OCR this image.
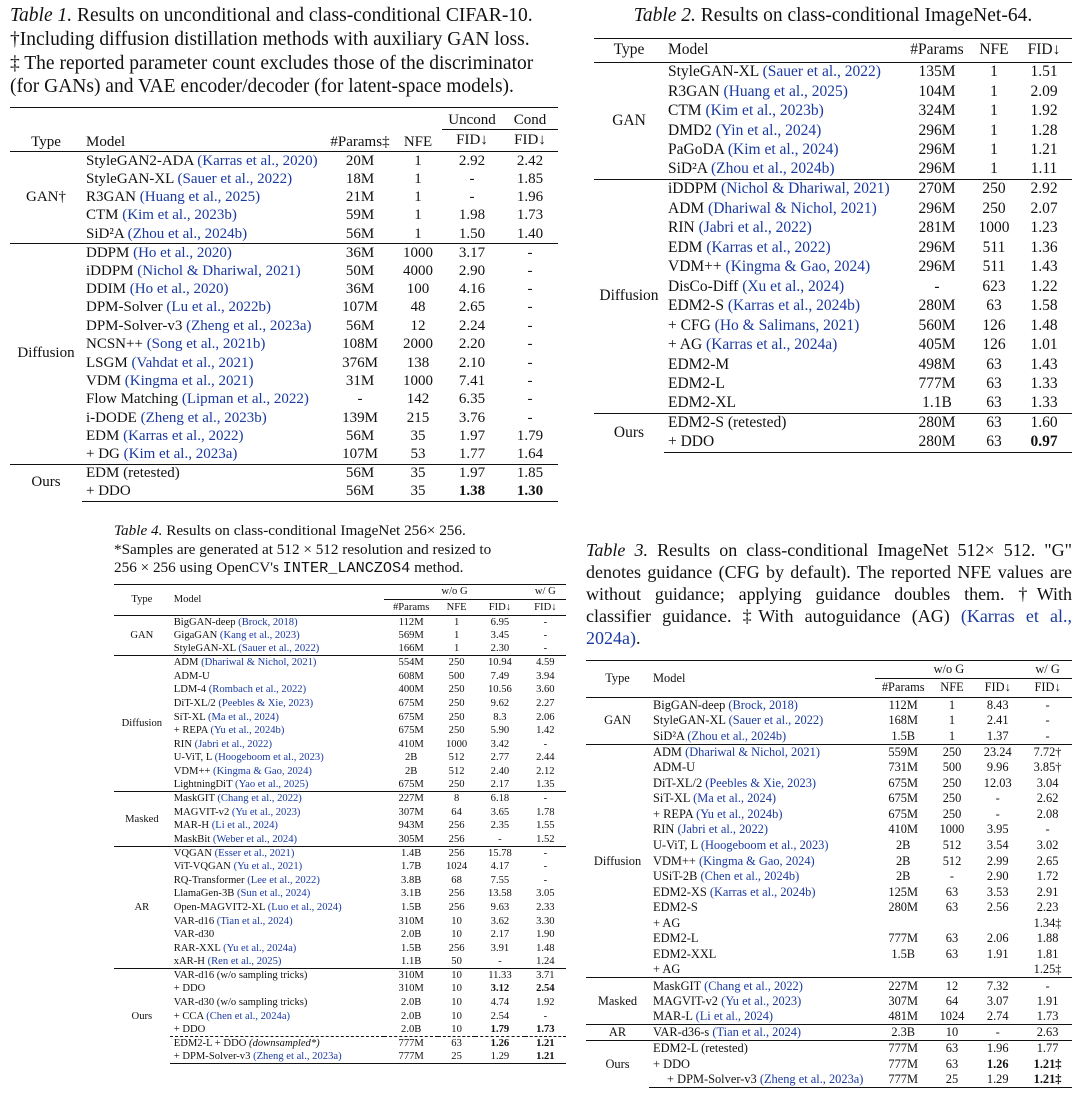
Table 1. Results on unconditional and class-conditional CIFAR-10.
†Including diffusion distillation methods with auxiliary GAN loss.
‡ The reported parameter count excludes those of the discriminator
(for GANs) and VAE encoder/decoder (for latent-space models).
Type	Model	#Params‡	NFE	Uncond	Cond
				FID↓	FID↓
GAN†	StyleGAN2-ADA (Karras et al., 2020)	20M	1	2.92	2.42
	StyleGAN-XL (Sauer et al., 2022)	18M	1	-	1.85
	R3GAN (Huang et al., 2025)	21M	1	-	1.96
	CTM (Kim et al., 2023b)	59M	1	1.98	1.73
	SiD²A (Zhou et al., 2024b)	56M	1	1.50	1.40
Diffusion	DDPM (Ho et al., 2020)	36M	1000	3.17	-
	iDDPM (Nichol & Dhariwal, 2021)	50M	4000	2.90	-
	DDIM (Ho et al., 2020)	36M	100	4.16	-
	DPM-Solver (Lu et al., 2022b)	107M	48	2.65	-
	DPM-Solver-v3 (Zheng et al., 2023a)	56M	12	2.24	-
	NCSN++ (Song et al., 2021b)	108M	2000	2.20	-
	LSGM (Vahdat et al., 2021)	376M	138	2.10	-
	VDM (Kingma et al., 2021)	31M	1000	7.41	-
	Flow Matching (Lipman et al., 2022)	-	142	6.35	-
	i-DODE (Zheng et al., 2023b)	139M	215	3.76	-
	EDM (Karras et al., 2022)	56M	35	1.97	1.79
	+ DG (Kim et al., 2023a)	107M	53	1.77	1.64
Ours	EDM (retested)	56M	35	1.97	1.85
	+ DDO	56M	35	1.38	1.30
Table 2. Results on class-conditional ImageNet-64.
Type	Model	#Params	NFE	FID↓
GAN	StyleGAN-XL (Sauer et al., 2022)	135M	1	1.51
	R3GAN (Huang et al., 2025)	104M	1	2.09
	CTM (Kim et al., 2023b)	324M	1	1.92
	DMD2 (Yin et al., 2024)	296M	1	1.28
	PaGoDA (Kim et al., 2024)	296M	1	1.21
	SiD²A (Zhou et al., 2024b)	296M	1	1.11
Diffusion	iDDPM (Nichol & Dhariwal, 2021)	270M	250	2.92
	ADM (Dhariwal & Nichol, 2021)	296M	250	2.07
	RIN (Jabri et al., 2022)	281M	1000	1.23
	EDM (Karras et al., 2022)	296M	511	1.36
	VDM++ (Kingma & Gao, 2024)	296M	511	1.43
	DisCo-Diff (Xu et al., 2024)	-	623	1.22
	EDM2-S (Karras et al., 2024b)	280M	63	1.58
	+ CFG (Ho & Salimans, 2021)	560M	126	1.48
	+ AG (Karras et al., 2024a)	405M	126	1.01
	EDM2-M	498M	63	1.43
	EDM2-L	777M	63	1.33
	EDM2-XL	1.1B	63	1.33
Ours	EDM2-S (retested)	280M	63	1.60
	+ DDO	280M	63	0.97
Table 4. Results on class-conditional ImageNet 256× 256.
*Samples are generated at 512 × 512 resolution and resized to
256 × 256 using OpenCV's INTER_LANCZOS4 method.
Type	Model	w/o G			w/ G
		#Params	NFE	FID↓	FID↓
GAN	BigGAN-deep (Brock, 2018)	112M	1	6.95	-
	GigaGAN (Kang et al., 2023)	569M	1	3.45	-
	StyleGAN-XL (Sauer et al., 2022)	166M	1	2.30	-
Diffusion	ADM (Dhariwal & Nichol, 2021)	554M	250	10.94	4.59
	ADM-U	608M	500	7.49	3.94
	LDM-4 (Rombach et al., 2022)	400M	250	10.56	3.60
	DiT-XL/2 (Peebles & Xie, 2023)	675M	250	9.62	2.27
	SiT-XL (Ma et al., 2024)	675M	250	8.3	2.06
	+ REPA (Yu et al., 2024b)	675M	250	5.90	1.42
	RIN (Jabri et al., 2022)	410M	1000	3.42	-
	U-ViT, L (Hoogeboom et al., 2023)	2B	512	2.77	2.44
	VDM++ (Kingma & Gao, 2024)	2B	512	2.40	2.12
	LightningDiT (Yao et al., 2025)	675M	250	2.17	1.35
Masked	MaskGIT (Chang et al., 2022)	227M	8	6.18	-
	MAGVIT-v2 (Yu et al., 2023)	307M	64	3.65	1.78
	MAR-H (Li et al., 2024)	943M	256	2.35	1.55
	MaskBit (Weber et al., 2024)	305M	256	-	1.52
AR	VQGAN (Esser et al., 2021)	1.4B	256	15.78	-
	ViT-VQGAN (Yu et al., 2021)	1.7B	1024	4.17	-
	RQ-Transformer (Lee et al., 2022)	3.8B	68	7.55	-
	LlamaGen-3B (Sun et al., 2024)	3.1B	256	13.58	3.05
	Open-MAGVIT2-XL (Luo et al., 2024)	1.5B	256	9.63	2.33
	VAR-d16 (Tian et al., 2024)	310M	10	3.62	3.30
	VAR-d30	2.0B	10	2.17	1.90
	RAR-XXL (Yu et al., 2024a)	1.5B	256	3.91	1.48
	xAR-H (Ren et al., 2025)	1.1B	50	-	1.24
Ours	VAR-d16 (w/o sampling tricks)	310M	10	11.33	3.71
	+ DDO	310M	10	3.12	2.54
	VAR-d30 (w/o sampling tricks)	2.0B	10	4.74	1.92
	+ CCA (Chen et al., 2024a)	2.0B	10	2.54	-
	+ DDO	2.0B	10	1.79	1.73
	EDM2-L + DDO (downsampled*)	777M	63	1.26	1.21
	+ DPM-Solver-v3 (Zheng et al., 2023a)	777M	25	1.29	1.21
Table 3. Results on class-conditional ImageNet 512× 512. "G" denotes guidance (CFG by default). The reported NFE values are without guidance; applying guidance doubles them. †With classifier guidance. ‡With autoguidance (AG) (Karras et al., 2024a).
Type	Model	w/o G			w/ G
		#Params	NFE	FID↓	FID↓
GAN	BigGAN-deep (Brock, 2018)	112M	1	8.43	-
	StyleGAN-XL (Sauer et al., 2022)	168M	1	2.41	-
	SiD²A (Zhou et al., 2024b)	1.5B	1	1.37	-
Diffusion	ADM (Dhariwal & Nichol, 2021)	559M	250	23.24	7.72†
	ADM-U	731M	500	9.96	3.85†
	DiT-XL/2 (Peebles & Xie, 2023)	675M	250	12.03	3.04
	SiT-XL (Ma et al., 2024)	675M	250	-	2.62
	+ REPA (Yu et al., 2024b)	675M	250	-	2.08
	RIN (Jabri et al., 2022)	410M	1000	3.95	-
	U-ViT, L (Hoogeboom et al., 2023)	2B	512	3.54	3.02
	VDM++ (Kingma & Gao, 2024)	2B	512	2.99	2.65
	USiT-2B (Chen et al., 2024b)	2B	-	2.90	1.72
	EDM2-XS (Karras et al., 2024b)	125M	63	3.53	2.91
	EDM2-S	280M	63	2.56	2.23
	+ AG				1.34‡
	EDM2-L	777M	63	2.06	1.88
	EDM2-XXL	1.5B	63	1.91	1.81
	+ AG				1.25‡
Masked	MaskGIT (Chang et al., 2022)	227M	12	7.32	-
	MAGVIT-v2 (Yu et al., 2023)	307M	64	3.07	1.91
	MAR-L (Li et al., 2024)	481M	1024	2.74	1.73
AR	VAR-d36-s (Tian et al., 2024)	2.3B	10	-	2.63
Ours	EDM2-L (retested)	777M	63	1.96	1.77
	+ DDO	777M	63	1.26	1.21‡
	+ DPM-Solver-v3 (Zheng et al., 2023a)	777M	25	1.29	1.21‡
